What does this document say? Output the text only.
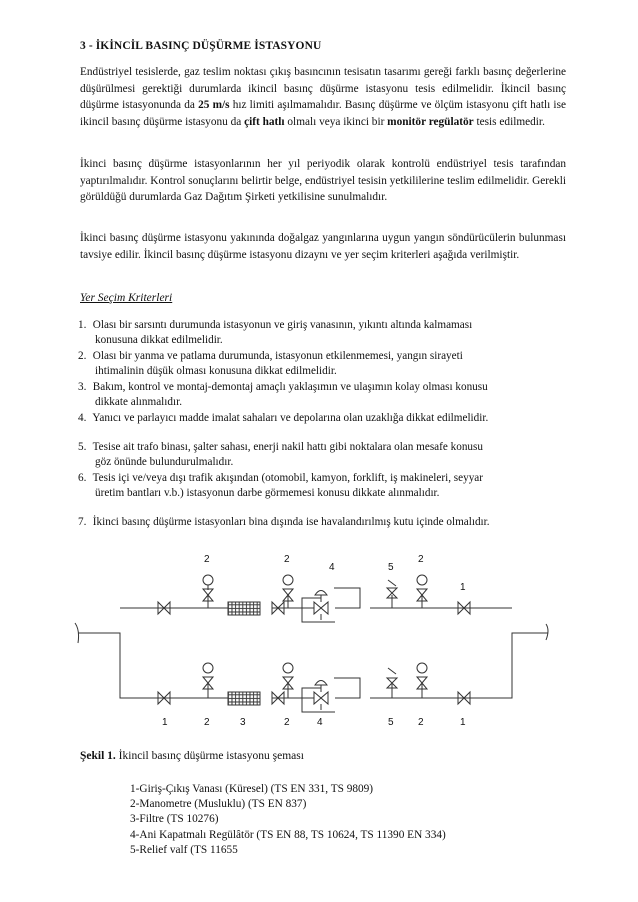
3 - İKİNCİL BASINÇ DÜŞÜRME İSTASYONU
Endüstriyel tesislerde, gaz teslim noktası çıkış basıncının tesisatın tasarımı gereği farklı basınç değerlerine düşürülmesi gerektiği durumlarda ikincil basınç düşürme istasyonu tesis edilmelidir. İkincil basınç düşürme istasyonunda da 25 m/s hız limiti aşılmamalıdır. Basınç düşürme ve ölçüm istasyonu çift hatlı ise ikincil basınç düşürme istasyonu da çift hatlı olmalı veya ikinci bir monitör regülatör tesis edilmedir.
İkinci basınç düşürme istasyonlarının her yıl periyodik olarak kontrolü endüstriyel tesis tarafından yaptırılmalıdır. Kontrol sonuçlarını belirtir belge, endüstriyel tesisin yetkililerine teslim edilmelidir. Gerekli görüldüğü durumlarda Gaz Dağıtım Şirketi yetkilisine sunulmalıdır.
İkinci basınç düşürme istasyonu yakınında doğalgaz yangınlarına uygun yangın söndürücülerin bulunması tavsiye edilir. İkincil basınç düşürme istasyonu dizaynı ve yer seçim kriterleri aşağıda verilmiştir.
Yer Seçim Kriterleri
1. Olası bir sarsıntı durumunda istasyonun ve giriş vanasının, yıkıntı altında kalmaması
konusuna dikkat edilmelidir.
2. Olası bir yanma ve patlama durumunda, istasyonun etkilenmemesi, yangın sirayeti
ihtimalinin düşük olması konusuna dikkat edilmelidir.
3. Bakım, kontrol ve montaj-demontaj amaçlı yaklaşımın ve ulaşımın kolay olması konusu
dikkate alınmalıdır.
4. Yanıcı ve parlayıcı madde imalat sahaları ve depolarına olan uzaklığa dikkat edilmelidir.
5. Tesise ait trafo binası, şalter sahası, enerji nakil hattı gibi noktalara olan mesafe konusu
göz önünde bulundurulmalıdır.
6. Tesis içi ve/veya dışı trafik akışından (otomobil, kamyon, forklift, iş makineleri, seyyar
üretim bantları v.b.) istasyonun darbe görmemesi konusu dikkate alınmalıdır.
7. İkinci basınç düşürme istasyonları bina dışında ise havalandırılmış kutu içinde olmalıdır.
2	2
4	5
2
1
1	2	3	2	4	5 2	1
Şekil 1. İkincil basınç düşürme istasyonu şeması
1-Giriş-Çıkış Vanası (Küresel) (TS EN 331, TS 9809)
2-Manometre (Musluklu) (TS EN 837)
3-Filtre (TS 10276)
4-Ani Kapatmalı Regülâtör (TS EN 88, TS 10624, TS 11390 EN 334)
5-Relief valf (TS 11655
